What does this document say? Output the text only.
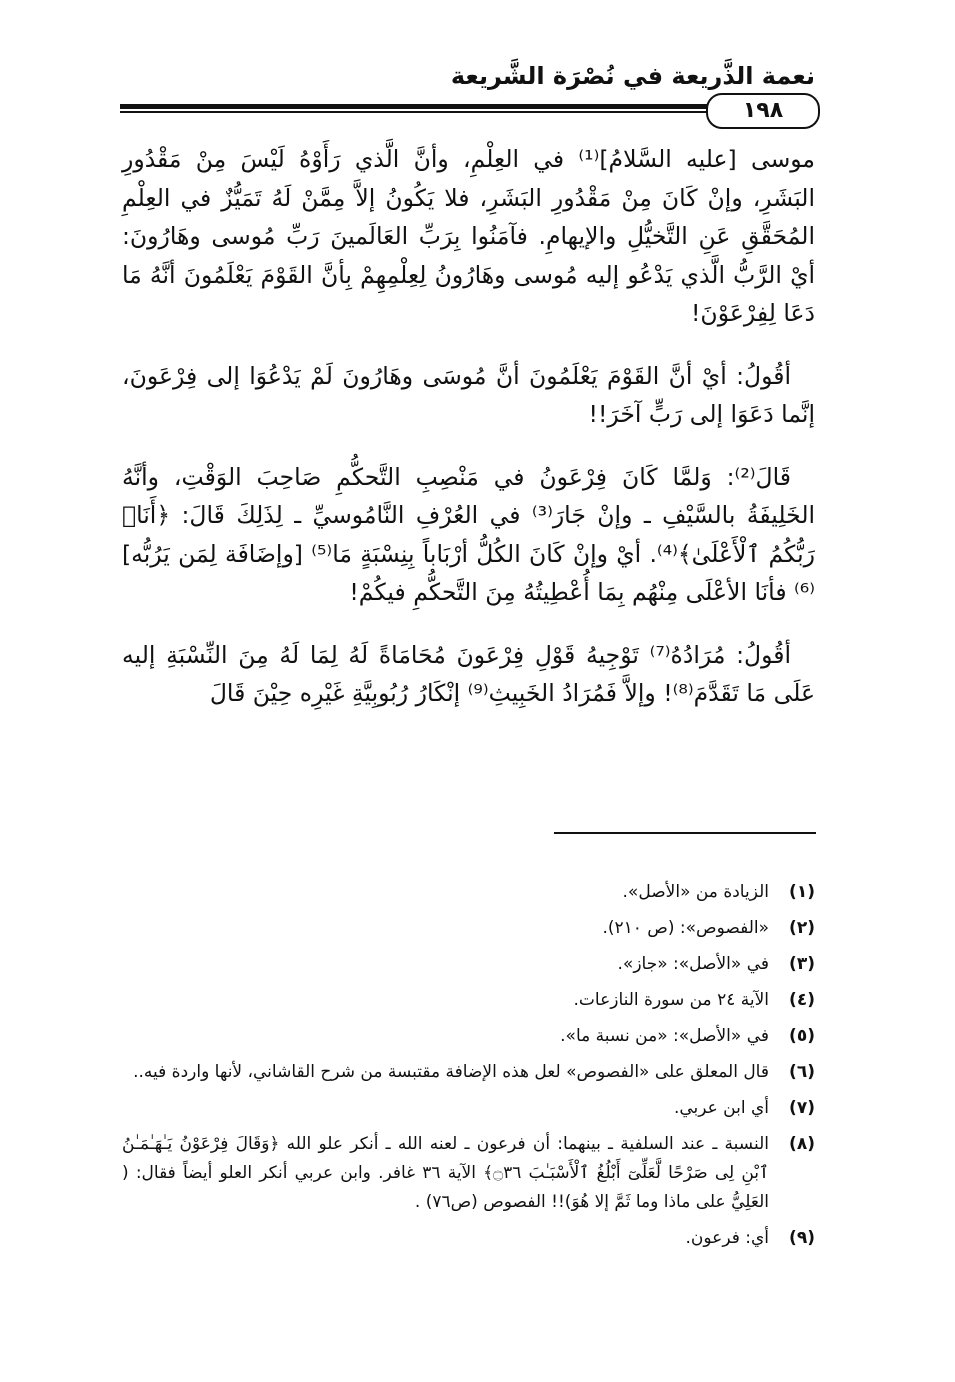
نعمة الذَّريعة في نُصْرَة الشَّريعة
١٩٨

موسى [عليه السَّلامُ]⁽¹⁾ في العِلْمِ، وأنَّ الَّذي رَأَوْهُ لَيْسَ مِنْ مَقْدُورِ البَشَرِ، وإنْ كَانَ مِنْ مَقْدُورِ البَشَرِ، فلا يَكُونُ إلاَّ مِمَّنْ لَهُ تَمَيُّزٌ في العِلْمِ المُحَقَّقِ عَنِ التَّخيُّلِ والإيهامِ. فآمَنُوا بِرَبِّ العَالَمينَ رَبِّ مُوسى وهَارُونَ: أيْ الرَّبُّ الَّذي يَدْعُو إليه مُوسى وهَارُونُ لِعِلْمِهِمْ بِأنَّ القَوْمَ يَعْلَمُونَ أنَّهُ مَا دَعَا لِفِرْعَوْنَ!

أقُولُ: أيْ أنَّ القَوْمَ يَعْلَمُونَ أنَّ مُوسَى وهَارُونَ لَمْ يَدْعُوَا إلى فِرْعَونَ، إنَّما دَعَوَا إلى رَبٍّ آخَرَ!!

قَالَ⁽²⁾: وَلمَّا كَانَ فِرْعَونُ في مَنْصِبِ التَّحكُّمِ صَاحِبَ الوَقْتِ، وأنَّهُ الخَلِيفَةُ بالسَّيْفِ ـ وإنْ جَارَ⁽³⁾ في العُرْفِ النَّامُوسيِّ ـ لِذَلِكَ قَالَ: ﴿أَنَا۠ رَبُّكُمُ ٱلْأَعْلَىٰ﴾⁽⁴⁾. أيْ وإنْ كَانَ الكُلُّ أرْبَاباً بِنِسْبَةٍ مَا⁽⁵⁾ [وإضَافَة لِمَن يَرُبُّه]⁽⁶⁾ فأنَا الأعْلَى مِنْهُم بِمَا أُعْطِيتُهُ مِنَ التَّحكُّمِ فيكُمْ!

أقُولُ: مُرَادُهُ⁽⁷⁾ تَوْجِيهُ قَوْلِ فِرْعَونَ مُحَامَاةً لَهُ لِمَا لَهُ مِنَ النِّسْبَةِ إليه عَلَى مَا تَقَدَّمَ⁽⁸⁾! وإلاَّ فَمُرَادُ الخَبِيثِ⁽⁹⁾ إنْكَارُ رُبُوبِيَّةِ غَيْرِه حِيْنَ قَالَ

(١)
الزيادة من «الأصل».
(٢)
«الفصوص»: (ص ٢١٠).
(٣)
في «الأصل»: «جاز».
(٤)
الآية ٢٤ من سورة النازعات.
(٥)
في «الأصل»: «من نسبة ما».
(٦)
قال المعلق على «الفصوص» لعل هذه الإضافة مقتبسة من شرح القاشاني، لأنها واردة فيه..
(٧)
أي ابن عربي.
(٨)
النسبة ـ عند السلفية ـ بينهما: أن فرعون ـ لعنه الله ـ أنكر علو الله ﴿وَقَالَ فِرْعَوْنُ يَـٰهَـٰمَـٰنُ ٱبْنِ لِى صَرْحًا لَّعَلِّىٓ أَبْلُغُ ٱلْأَسْبَـٰبَ ۝٣٦﴾ الآية ٣٦ غافر. وابن عربي أنكر العلو أيضاً فقال: ( العَلِيُّ على ماذا وما ثَمَّ إلا هُوَ)!! الفصوص (ص٧٦) .
(٩)
أي: فرعون.
